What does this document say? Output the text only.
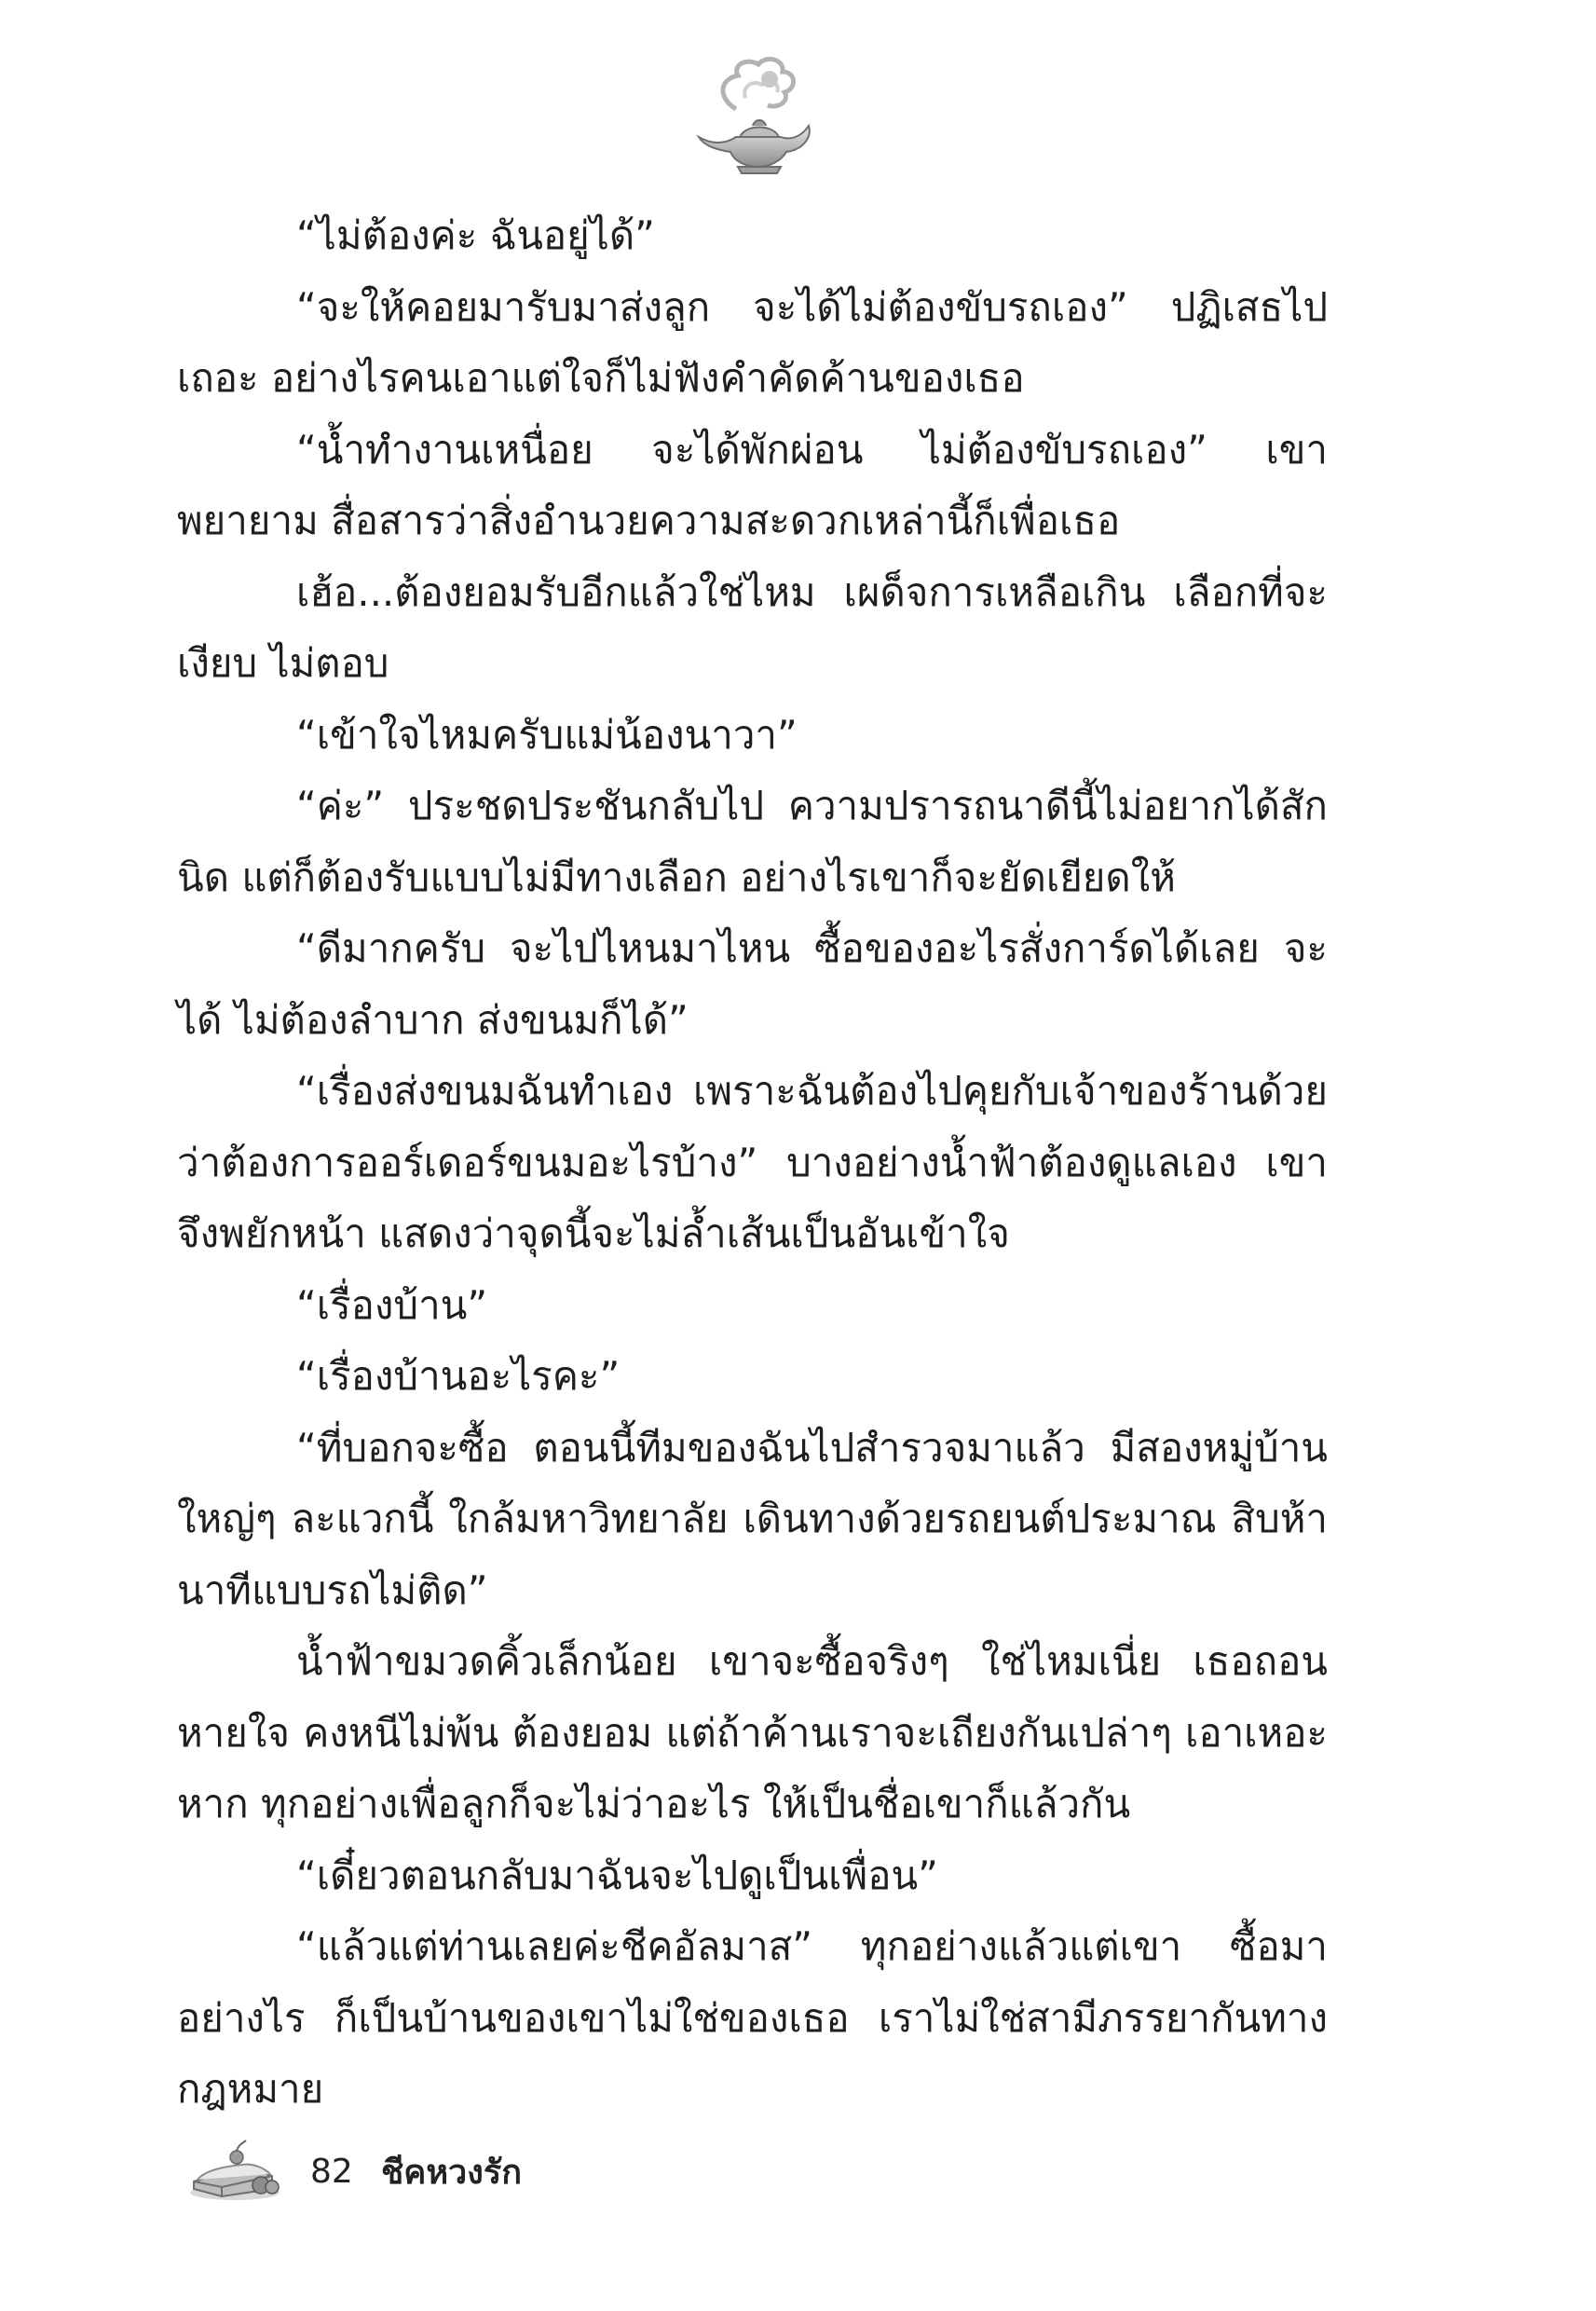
“ไม่ต้องค่ะ ฉันอยู่ได้”

“จะให้คอยมารับมาส่งลูก จะได้ไม่ต้องขับรถเอง” ปฏิเสธไปเถอะ อย่างไรคนเอาแต่ใจก็ไม่ฟังคำคัดค้านของเธอ

“น้ำทำงานเหนื่อย จะได้พักผ่อน ไม่ต้องขับรถเอง” เขาพยายาม สื่อสารว่าสิ่งอำนวยความสะดวกเหล่านี้ก็เพื่อเธอ

เฮ้อ...ต้องยอมรับอีกแล้วใช่ไหม เผด็จการเหลือเกิน เลือกที่จะ เงียบ ไม่ตอบ

“เข้าใจไหมครับแม่น้องนาวา”

“ค่ะ” ประชดประชันกลับไป ความปรารถนาดีนี้ไม่อยากได้สักนิด แต่ก็ต้องรับแบบไม่มีทางเลือก อย่างไรเขาก็จะยัดเยียดให้

“ดีมากครับ จะไปไหนมาไหน ซื้อของอะไรสั่งการ์ดได้เลย จะได้ ไม่ต้องลำบาก ส่งขนมก็ได้”

“เรื่องส่งขนมฉันทำเอง เพราะฉันต้องไปคุยกับเจ้าของร้านด้วย ว่าต้องการออร์เดอร์ขนมอะไรบ้าง” บางอย่างน้ำฟ้าต้องดูแลเอง เขา จึงพยักหน้า แสดงว่าจุดนี้จะไม่ล้ำเส้นเป็นอันเข้าใจ

“เรื่องบ้าน”

“เรื่องบ้านอะไรคะ”

“ที่บอกจะซื้อ ตอนนี้ทีมของฉันไปสำรวจมาแล้ว มีสองหมู่บ้าน ใหญ่ๆ ละแวกนี้ ใกล้มหาวิทยาลัย เดินทางด้วยรถยนต์ประมาณ สิบห้านาทีแบบรถไม่ติด”

น้ำฟ้าขมวดคิ้วเล็กน้อย เขาจะซื้อจริงๆ ใช่ไหมเนี่ย เธอถอนหายใจ คงหนีไม่พ้น ต้องยอม แต่ถ้าค้านเราจะเถียงกันเปล่าๆ เอาเหอะ หาก ทุกอย่างเพื่อลูกก็จะไม่ว่าอะไร ให้เป็นชื่อเขาก็แล้วกัน

“เดี๋ยวตอนกลับมาฉันจะไปดูเป็นเพื่อน”

“แล้วแต่ท่านเลยค่ะชีคอัลมาส” ทุกอย่างแล้วแต่เขา ซื้อมาอย่างไร ก็เป็นบ้านของเขาไม่ใช่ของเธอ เราไม่ใช่สามีภรรยากันทางกฎหมาย

82 ชีคหวงรัก
